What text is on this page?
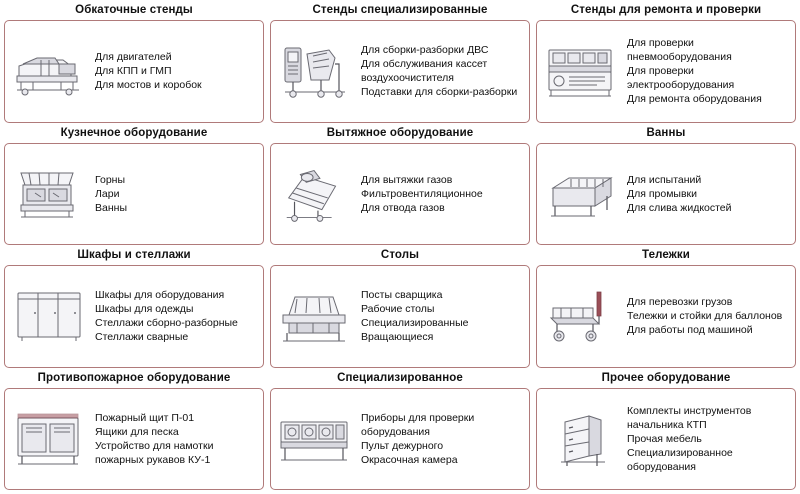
Обкаточные стенды
Для двигателей
Для КПП и ГМП
Для мостов и коробок
Стенды специализированные
Для сборки-разборки ДВС
Для обслуживания кассет
воздухоочистителя
Подставки для сборки-разборки
Стенды для ремонта и проверки
Для проверки
пневмооборудования
Для проверки
электрооборудования
Для ремонта оборудования
Кузнечное оборудование
Горны
Лари
Ванны
Вытяжное оборудование
Для вытяжки газов
Фильтровентиляционное
Для отвода газов
Ванны
Для испытаний
Для промывки
Для слива жидкостей
Шкафы и стеллажи
Шкафы для оборудования
Шкафы для одежды
Стеллажи сборно-разборные
Стеллажи сварные
Столы
Посты сварщика
Рабочие столы
Специализированные
Вращающиеся
Тележки
Для перевозки грузов
Тележки и стойки для баллонов
Для работы под машиной
Противопожарное оборудование
Пожарный щит П-01
Ящики для песка
Устройство для намотки
пожарных рукавов КУ-1
Специализированное
Приборы для проверки
оборудования
Пульт дежурного
Окрасочная камера
Прочее оборудование
Комплекты инструментов
начальника КТП
Прочая мебель
Специализированное
оборудования
